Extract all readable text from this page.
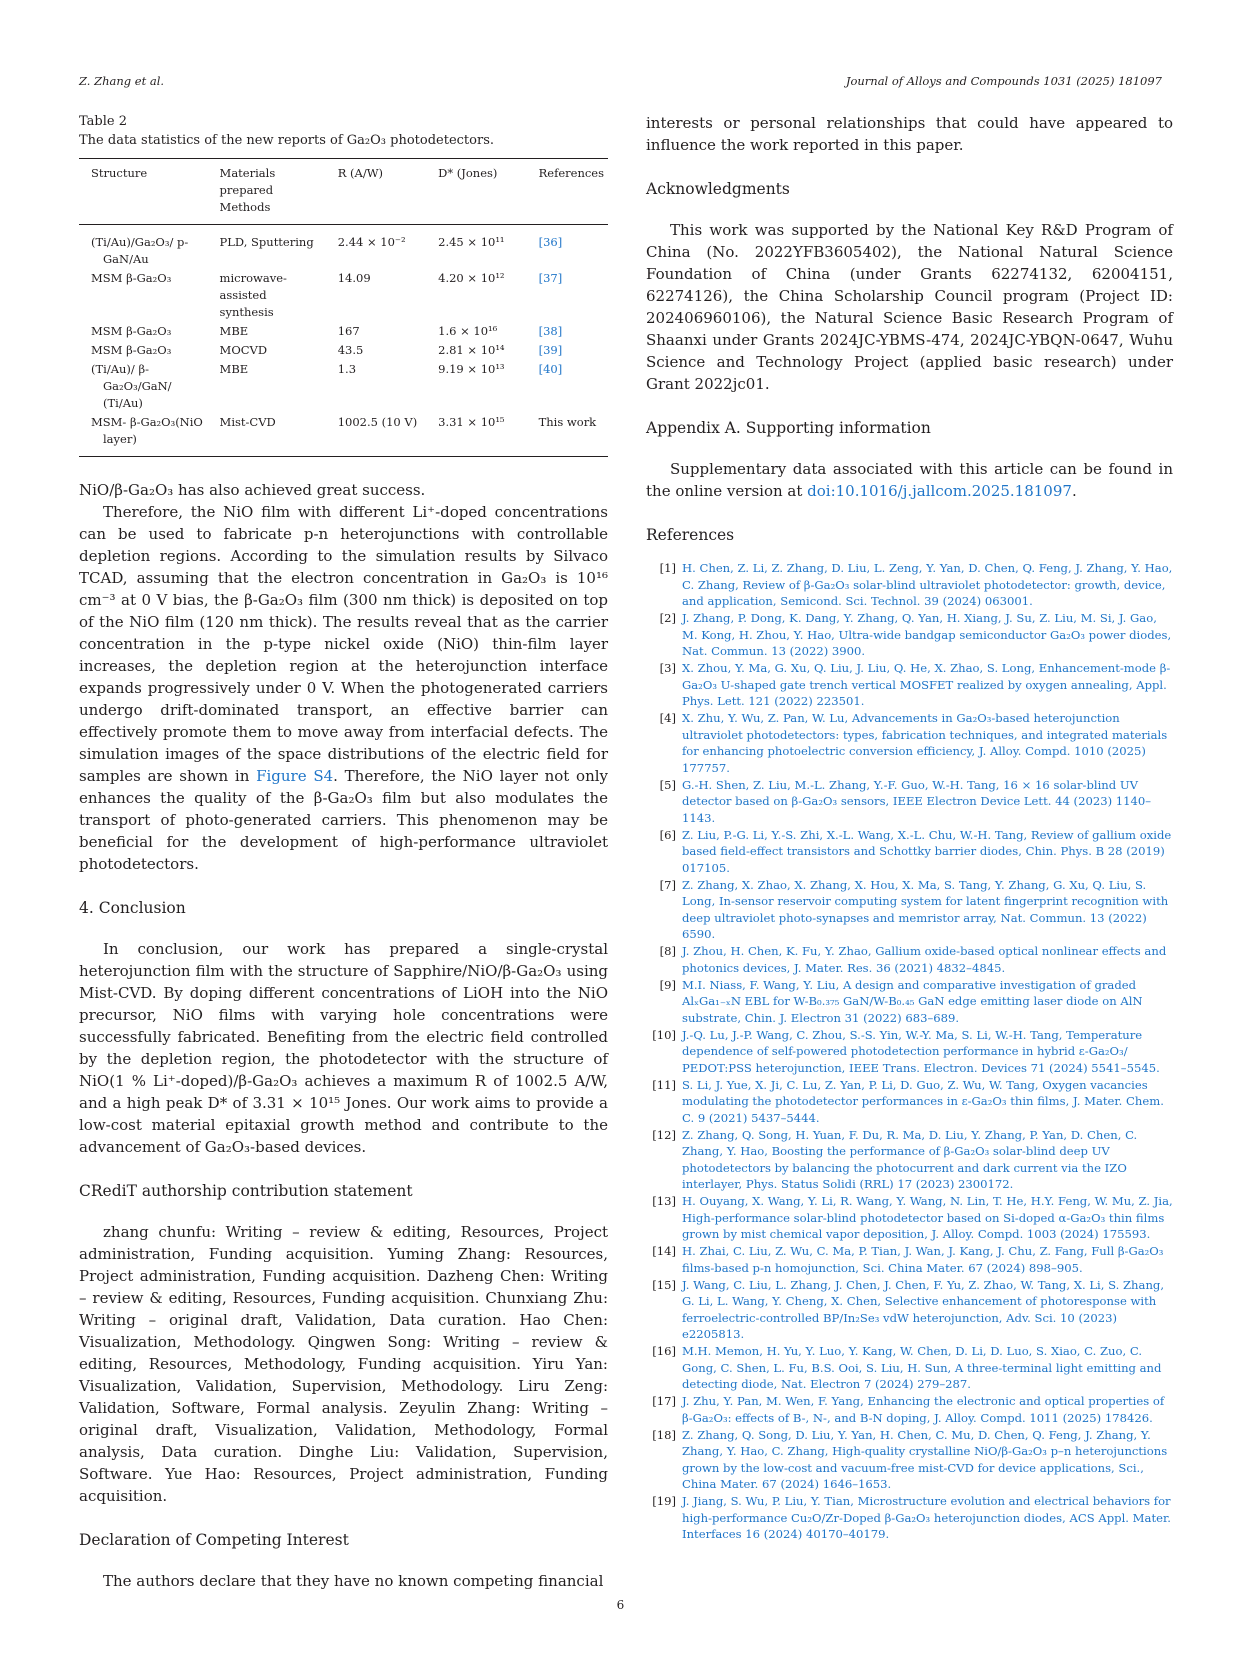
Z. Zhang et al.	Journal of Alloys and Compounds 1031 (2025) 181097
Table 2
The data statistics of the new reports of Ga₂O₃ photodetectors.
Structure	Materials prepared Methods	R (A/W)	D* (Jones)	References

(Ti/Au)/Ga₂O₃/ p-GaN/Au	PLD, Sputtering	2.44 × 10⁻²	2.45 × 10¹¹	[36]

MSM β-Ga₂O₃	microwave-assisted synthesis	14.09	4.20 × 10¹²	[37]

MSM β-Ga₂O₃	MBE	167	1.6 × 10¹⁶	[38]

MSM β-Ga₂O₃	MOCVD	43.5	2.81 × 10¹⁴	[39]

(Ti/Au)/ β-Ga₂O₃/GaN/ (Ti/Au)	MBE	1.3	9.19 × 10¹³	[40]

MSM- β-Ga₂O₃(NiO layer)	Mist-CVD	1002.5 (10 V)	3.31 × 10¹⁵	This work

NiO/β-Ga₂O₃ has also achieved great success.

Therefore, the NiO film with different Li⁺-doped concentrations can be used to fabricate p-n heterojunctions with controllable depletion regions. According to the simulation results by Silvaco TCAD, assuming that the electron concentration in Ga₂O₃ is 10¹⁶ cm⁻³ at 0 V bias, the β-Ga₂O₃ film (300 nm thick) is deposited on top of the NiO film (120 nm thick). The results reveal that as the carrier concentration in the p-type nickel oxide (NiO) thin-film layer increases, the depletion region at the heterojunction interface expands progressively under 0 V. When the photogenerated carriers undergo drift-dominated transport, an effective barrier can effectively promote them to move away from interfacial defects. The simulation images of the space distributions of the electric field for samples are shown in Figure S4. Therefore, the NiO layer not only enhances the quality of the β-Ga₂O₃ film but also modulates the transport of photo-generated carriers. This phenomenon may be beneficial for the development of high-performance ultraviolet photodetectors.

4. Conclusion

In conclusion, our work has prepared a single-crystal heterojunction film with the structure of Sapphire/NiO/β-Ga₂O₃ using Mist-CVD. By doping different concentrations of LiOH into the NiO precursor, NiO films with varying hole concentrations were successfully fabricated. Benefiting from the electric field controlled by the depletion region, the photodetector with the structure of NiO(1 % Li⁺-doped)/β-Ga₂O₃ achieves a maximum R of 1002.5 A/W, and a high peak D* of 3.31 × 10¹⁵ Jones. Our work aims to provide a low-cost material epitaxial growth method and contribute to the advancement of Ga₂O₃-based devices.

CRediT authorship contribution statement

zhang chunfu: Writing – review & editing, Resources, Project administration, Funding acquisition. Yuming Zhang: Resources, Project administration, Funding acquisition. Dazheng Chen: Writing – review & editing, Resources, Funding acquisition. Chunxiang Zhu: Writing – original draft, Validation, Data curation. Hao Chen: Visualization, Methodology. Qingwen Song: Writing – review & editing, Resources, Methodology, Funding acquisition. Yiru Yan: Visualization, Validation, Supervision, Methodology. Liru Zeng: Validation, Software, Formal analysis. Zeyulin Zhang: Writing – original draft, Visualization, Validation, Methodology, Formal analysis, Data curation. Dinghe Liu: Validation, Supervision, Software. Yue Hao: Resources, Project administration, Funding acquisition.

Declaration of Competing Interest

The authors declare that they have no known competing financial

interests or personal relationships that could have appeared to influence the work reported in this paper.

Acknowledgments

This work was supported by the National Key R&D Program of China (No. 2022YFB3605402), the National Natural Science Foundation of China (under Grants 62274132, 62004151, 62274126), the China Scholarship Council program (Project ID: 202406960106), the Natural Science Basic Research Program of Shaanxi under Grants 2024JC-YBMS-474, 2024JC-YBQN-0647, Wuhu Science and Technology Project (applied basic research) under Grant 2022jc01.

Appendix A. Supporting information

Supplementary data associated with this article can be found in the online version at doi:10.1016/j.jallcom.2025.181097.

References
[1] H. Chen, Z. Li, Z. Zhang, D. Liu, L. Zeng, Y. Yan, D. Chen, Q. Feng, J. Zhang, Y. Hao, C. Zhang, Review of β-Ga₂O₃ solar-blind ultraviolet photodetector: growth, device, and application, Semicond. Sci. Technol. 39 (2024) 063001.
[2] J. Zhang, P. Dong, K. Dang, Y. Zhang, Q. Yan, H. Xiang, J. Su, Z. Liu, M. Si, J. Gao, M. Kong, H. Zhou, Y. Hao, Ultra-wide bandgap semiconductor Ga₂O₃ power diodes, Nat. Commun. 13 (2022) 3900.
[3] X. Zhou, Y. Ma, G. Xu, Q. Liu, J. Liu, Q. He, X. Zhao, S. Long, Enhancement-mode β-Ga₂O₃ U-shaped gate trench vertical MOSFET realized by oxygen annealing, Appl. Phys. Lett. 121 (2022) 223501.
[4] X. Zhu, Y. Wu, Z. Pan, W. Lu, Advancements in Ga₂O₃-based heterojunction ultraviolet photodetectors: types, fabrication techniques, and integrated materials for enhancing photoelectric conversion efficiency, J. Alloy. Compd. 1010 (2025) 177757.
[5] G.-H. Shen, Z. Liu, M.-L. Zhang, Y.-F. Guo, W.-H. Tang, 16 × 16 solar-blind UV detector based on β-Ga₂O₃ sensors, IEEE Electron Device Lett. 44 (2023) 1140–1143.
[6] Z. Liu, P.-G. Li, Y.-S. Zhi, X.-L. Wang, X.-L. Chu, W.-H. Tang, Review of gallium oxide based field-effect transistors and Schottky barrier diodes, Chin. Phys. B 28 (2019) 017105.
[7] Z. Zhang, X. Zhao, X. Zhang, X. Hou, X. Ma, S. Tang, Y. Zhang, G. Xu, Q. Liu, S. Long, In-sensor reservoir computing system for latent fingerprint recognition with deep ultraviolet photo-synapses and memristor array, Nat. Commun. 13 (2022) 6590.
[8] J. Zhou, H. Chen, K. Fu, Y. Zhao, Gallium oxide-based optical nonlinear effects and photonics devices, J. Mater. Res. 36 (2021) 4832–4845.
[9] M.I. Niass, F. Wang, Y. Liu, A design and comparative investigation of graded AlₓGa₁₋ₓN EBL for W-B₀.₃₇₅ GaN/W-B₀.₄₅ GaN edge emitting laser diode on AlN substrate, Chin. J. Electron 31 (2022) 683–689.
[10] J.-Q. Lu, J.-P. Wang, C. Zhou, S.-S. Yin, W.-Y. Ma, S. Li, W.-H. Tang, Temperature dependence of self-powered photodetection performance in hybrid ε-Ga₂O₃/ PEDOT:PSS heterojunction, IEEE Trans. Electron. Devices 71 (2024) 5541–5545.
[11] S. Li, J. Yue, X. Ji, C. Lu, Z. Yan, P. Li, D. Guo, Z. Wu, W. Tang, Oxygen vacancies modulating the photodetector performances in ε-Ga₂O₃ thin films, J. Mater. Chem. C. 9 (2021) 5437–5444.
[12] Z. Zhang, Q. Song, H. Yuan, F. Du, R. Ma, D. Liu, Y. Zhang, P. Yan, D. Chen, C. Zhang, Y. Hao, Boosting the performance of β-Ga₂O₃ solar-blind deep UV photodetectors by balancing the photocurrent and dark current via the IZO interlayer, Phys. Status Solidi (RRL) 17 (2023) 2300172.
[13] H. Ouyang, X. Wang, Y. Li, R. Wang, Y. Wang, N. Lin, T. He, H.Y. Feng, W. Mu, Z. Jia, High-performance solar-blind photodetector based on Si-doped α-Ga₂O₃ thin films grown by mist chemical vapor deposition, J. Alloy. Compd. 1003 (2024) 175593.
[14] H. Zhai, C. Liu, Z. Wu, C. Ma, P. Tian, J. Wan, J. Kang, J. Chu, Z. Fang, Full β-Ga₂O₃ films-based p-n homojunction, Sci. China Mater. 67 (2024) 898–905.
[15] J. Wang, C. Liu, L. Zhang, J. Chen, J. Chen, F. Yu, Z. Zhao, W. Tang, X. Li, S. Zhang, G. Li, L. Wang, Y. Cheng, X. Chen, Selective enhancement of photoresponse with ferroelectric-controlled BP/In₂Se₃ vdW heterojunction, Adv. Sci. 10 (2023) e2205813.
[16] M.H. Memon, H. Yu, Y. Luo, Y. Kang, W. Chen, D. Li, D. Luo, S. Xiao, C. Zuo, C. Gong, C. Shen, L. Fu, B.S. Ooi, S. Liu, H. Sun, A three-terminal light emitting and detecting diode, Nat. Electron 7 (2024) 279–287.
[17] J. Zhu, Y. Pan, M. Wen, F. Yang, Enhancing the electronic and optical properties of β-Ga₂O₃: effects of B-, N-, and B-N doping, J. Alloy. Compd. 1011 (2025) 178426.
[18] Z. Zhang, Q. Song, D. Liu, Y. Yan, H. Chen, C. Mu, D. Chen, Q. Feng, J. Zhang, Y. Zhang, Y. Hao, C. Zhang, High-quality crystalline NiO/β-Ga₂O₃ p–n heterojunctions grown by the low-cost and vacuum-free mist-CVD for device applications, Sci., China Mater. 67 (2024) 1646–1653.
[19] J. Jiang, S. Wu, P. Liu, Y. Tian, Microstructure evolution and electrical behaviors for high-performance Cu₂O/Zr-Doped β-Ga₂O₃ heterojunction diodes, ACS Appl. Mater. Interfaces 16 (2024) 40170–40179.
6
